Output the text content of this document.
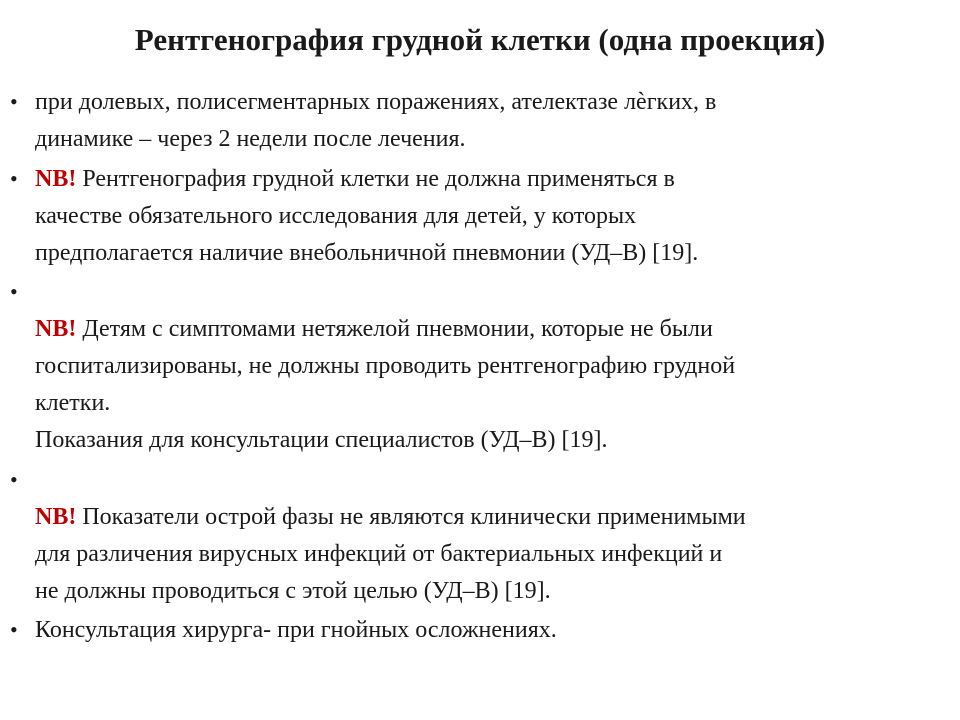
Рентгенография грудной клетки (одна проекция)
• при долевых, полисегментарных поражениях, ателектазе лѐгких, в
динамике – через 2 недели после лечения.
• NB! Рентгенография грудной клетки не должна применяться в
качестве обязательного исследования для детей, у которых
предполагается наличие внебольничной пневмонии (УД–В) [19].
•
NB! Детям с симптомами нетяжелой пневмонии, которые не были
госпитализированы, не должны проводить рентгенографию грудной
клетки.
Показания для консультации специалистов (УД–В) [19].
•
NB! Показатели острой фазы не являются клинически применимыми
для различения вирусных инфекций от бактериальных инфекций и
не должны проводиться с этой целью (УД–В) [19].
• Консультация хирурга- при гнойных осложнениях.
